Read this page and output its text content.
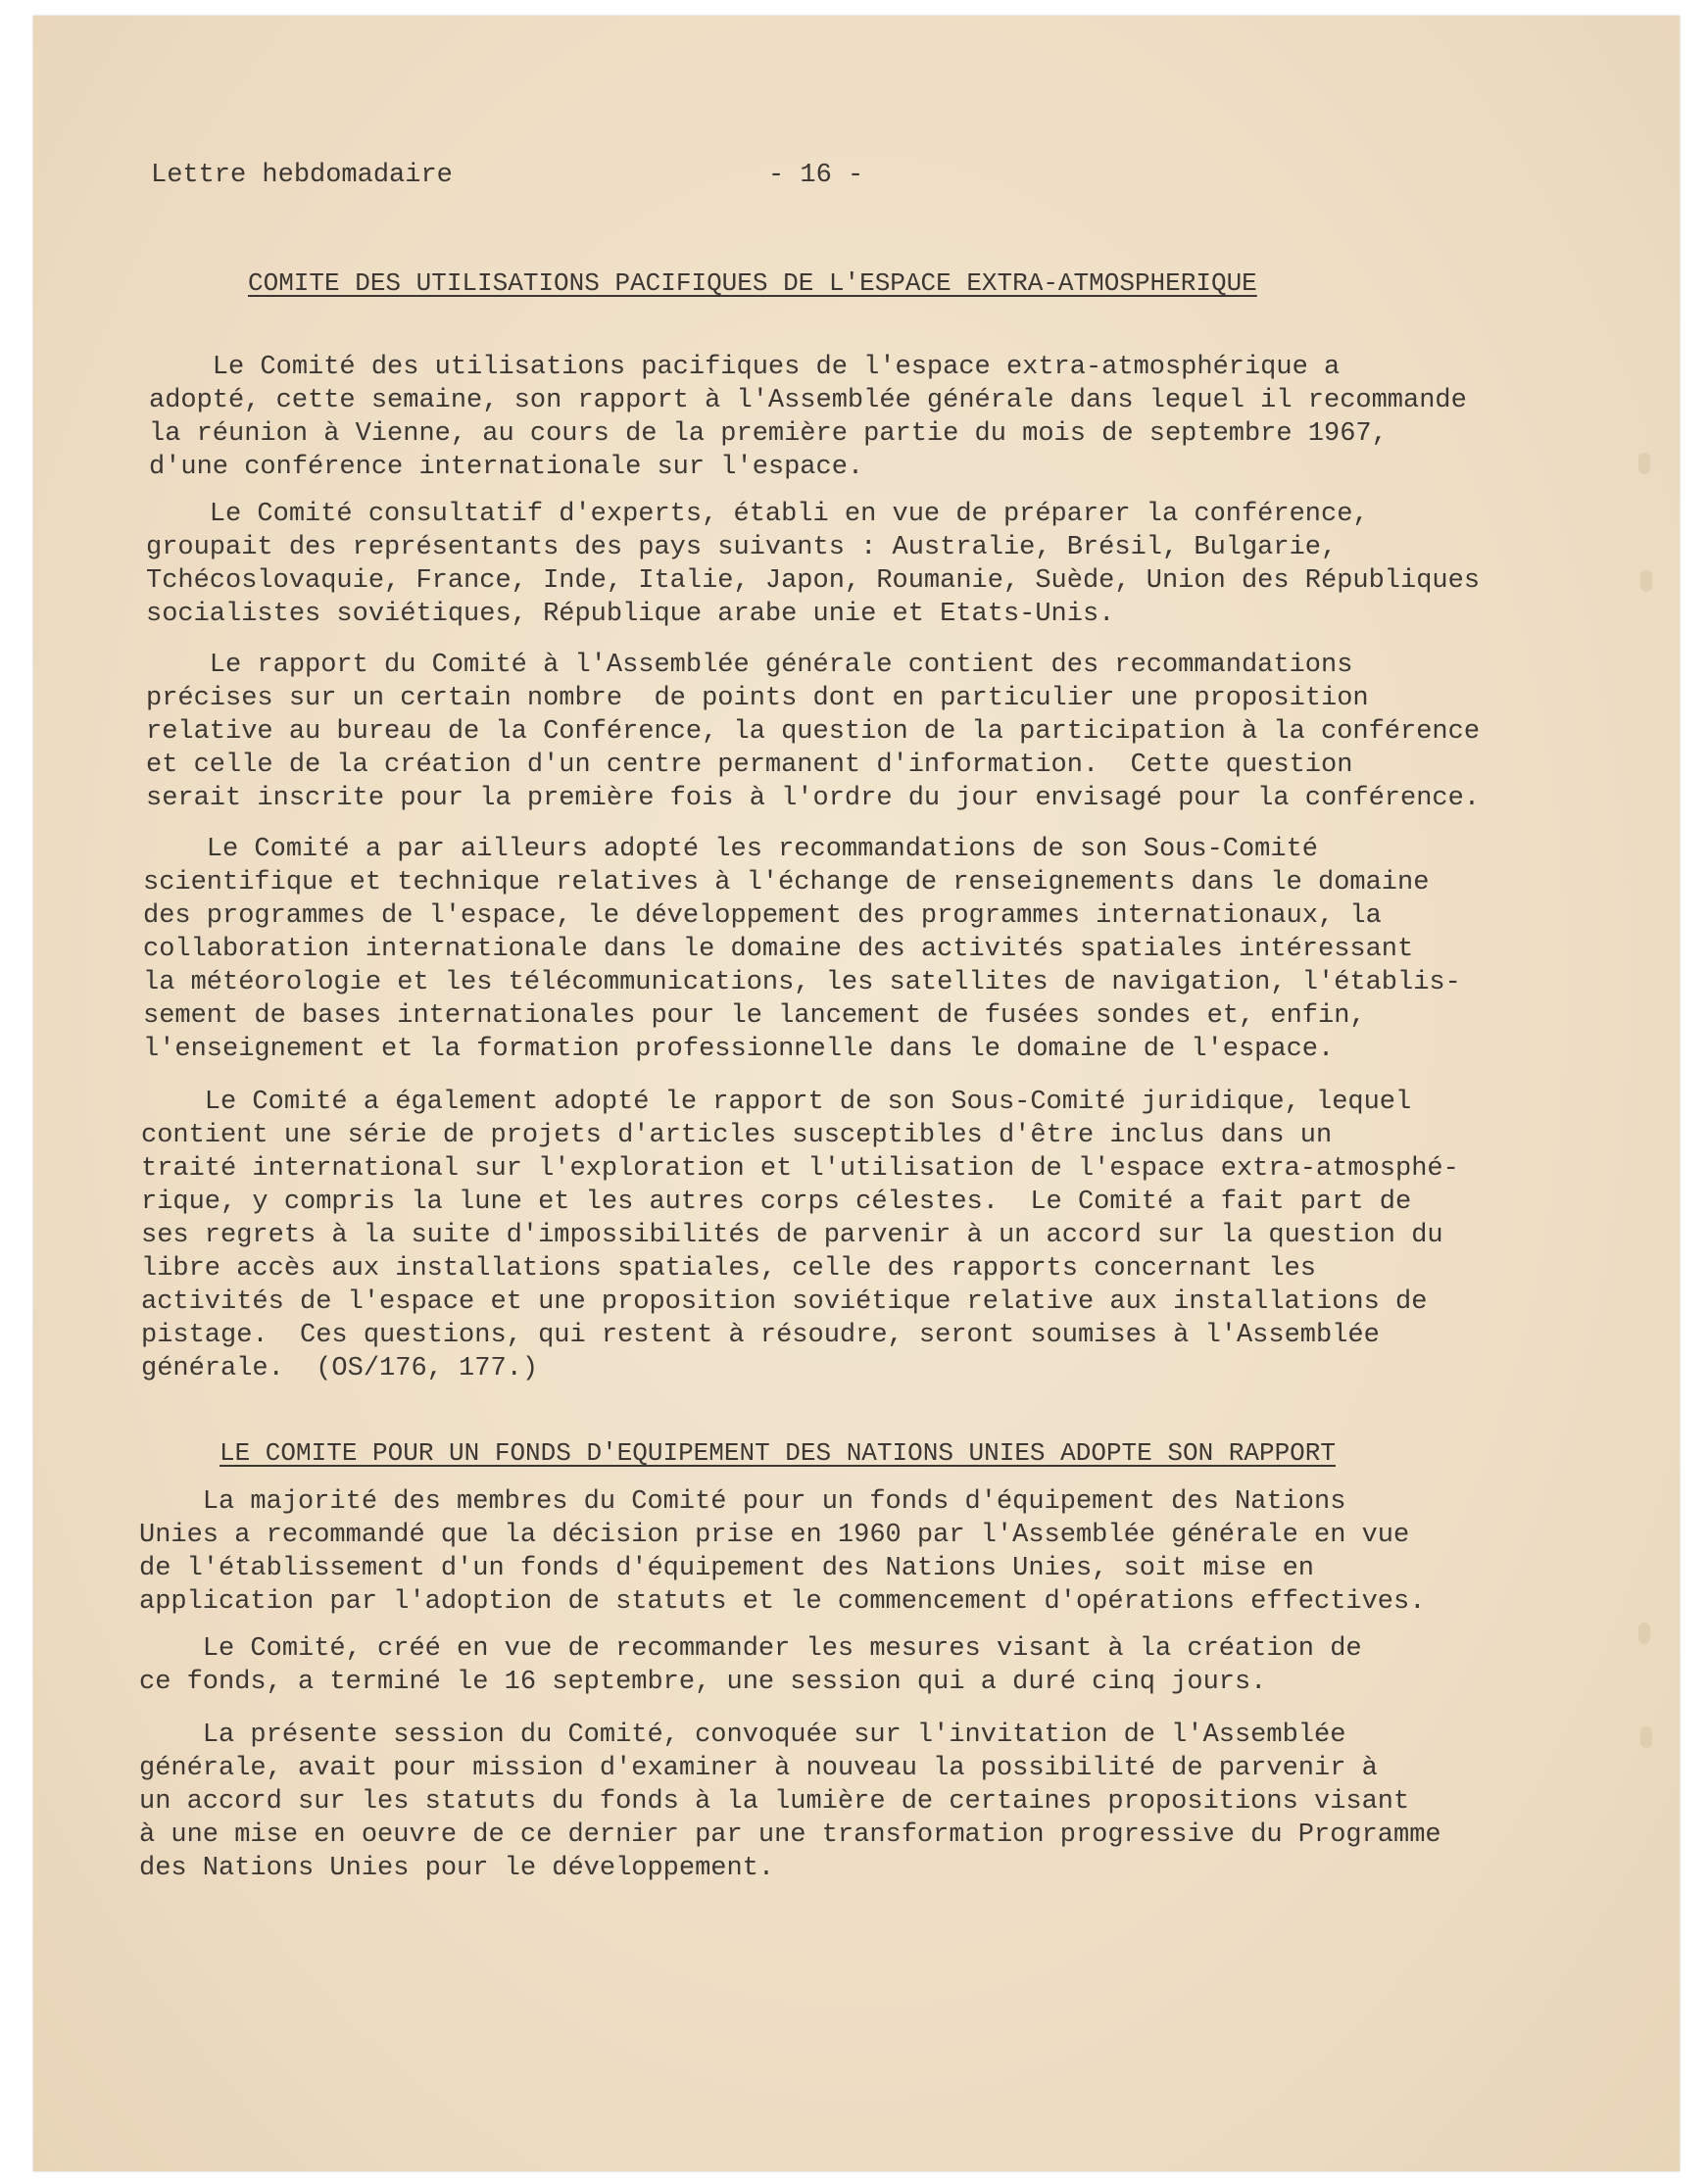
Lettre hebdomadaire	- 16 -
COMITE DES UTILISATIONS PACIFIQUES DE L'ESPACE EXTRA-ATMOSPHERIQUE
Le Comité des utilisations pacifiques de l'espace extra-atmosphérique a
adopté, cette semaine, son rapport à l'Assemblée générale dans lequel il recommande
la réunion à Vienne, au cours de la première partie du mois de septembre 1967,
d'une conférence internationale sur l'espace.
Le Comité consultatif d'experts, établi en vue de préparer la conférence,
groupait des représentants des pays suivants : Australie, Brésil, Bulgarie,
Tchécoslovaquie, France, Inde, Italie, Japon, Roumanie, Suède, Union des Républiques
socialistes soviétiques, République arabe unie et Etats-Unis.
Le rapport du Comité à l'Assemblée générale contient des recommandations
précises sur un certain nombre  de points dont en particulier une proposition
relative au bureau de la Conférence, la question de la participation à la conférence
et celle de la création d'un centre permanent d'information.  Cette question
serait inscrite pour la première fois à l'ordre du jour envisagé pour la conférence.
Le Comité a par ailleurs adopté les recommandations de son Sous-Comité
scientifique et technique relatives à l'échange de renseignements dans le domaine
des programmes de l'espace, le développement des programmes internationaux, la
collaboration internationale dans le domaine des activités spatiales intéressant
la météorologie et les télécommunications, les satellites de navigation, l'établis-
sement de bases internationales pour le lancement de fusées sondes et, enfin,
l'enseignement et la formation professionnelle dans le domaine de l'espace.
Le Comité a également adopté le rapport de son Sous-Comité juridique, lequel
contient une série de projets d'articles susceptibles d'être inclus dans un
traité international sur l'exploration et l'utilisation de l'espace extra-atmosphé-
rique, y compris la lune et les autres corps célestes.  Le Comité a fait part de
ses regrets à la suite d'impossibilités de parvenir à un accord sur la question du
libre accès aux installations spatiales, celle des rapports concernant les
activités de l'espace et une proposition soviétique relative aux installations de
pistage.  Ces questions, qui restent à résoudre, seront soumises à l'Assemblée
générale.  (OS/176, 177.)
LE COMITE POUR UN FONDS D'EQUIPEMENT DES NATIONS UNIES ADOPTE SON RAPPORT
La majorité des membres du Comité pour un fonds d'équipement des Nations
Unies a recommandé que la décision prise en 1960 par l'Assemblée générale en vue
de l'établissement d'un fonds d'équipement des Nations Unies, soit mise en
application par l'adoption de statuts et le commencement d'opérations effectives.
Le Comité, créé en vue de recommander les mesures visant à la création de
ce fonds, a terminé le 16 septembre, une session qui a duré cinq jours.
La présente session du Comité, convoquée sur l'invitation de l'Assemblée
générale, avait pour mission d'examiner à nouveau la possibilité de parvenir à
un accord sur les statuts du fonds à la lumière de certaines propositions visant
à une mise en oeuvre de ce dernier par une transformation progressive du Programme
des Nations Unies pour le développement.
